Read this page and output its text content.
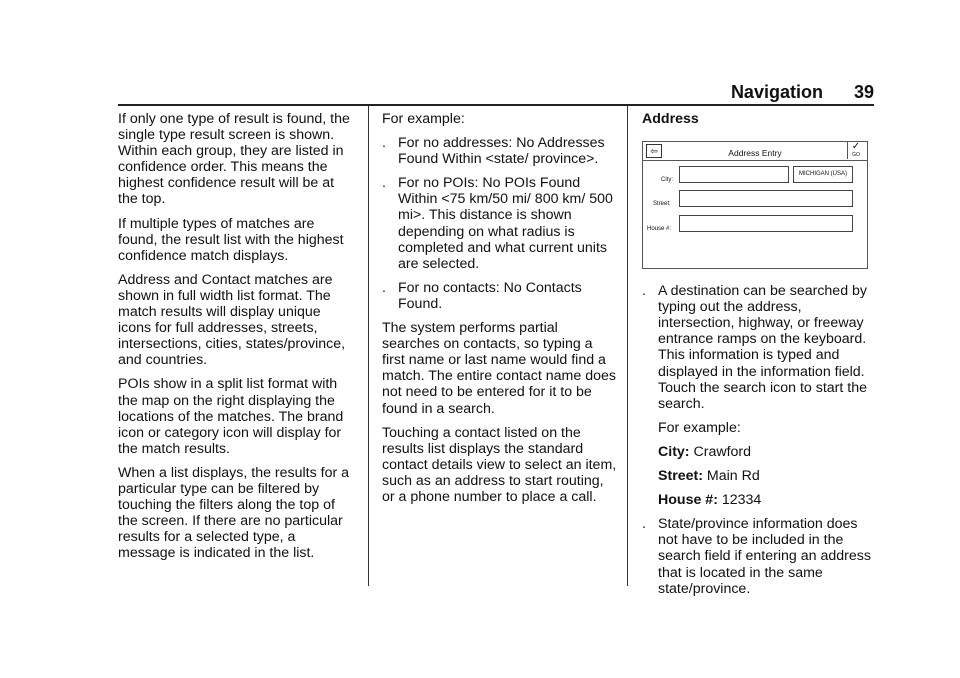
Navigation 39

If only one type of result is found, the single type result screen is shown. Within each group, they are listed in confidence order. This means the highest confidence result will be at the top.

If multiple types of matches are found, the result list with the highest confidence match displays.

Address and Contact matches are shown in full width list format. The match results will display unique icons for full addresses, streets, intersections, cities, states/province, and countries.

POIs show in a split list format with the map on the right displaying the locations of the matches. The brand icon or category icon will display for the match results.

When a list displays, the results for a particular type can be filtered by touching the filters along the top of the screen. If there are no particular results for a selected type, a message is indicated in the list.

For example:

. For no addresses: No Addresses Found Within <state/ province>.
. For no POIs: No POIs Found Within <75 km/50 mi/ 800 km/ 500 mi>. This distance is shown depending on what radius is completed and what current units are selected.
. For no contacts: No Contacts Found.

The system performs partial searches on contacts, so typing a first name or last name would find a match. The entire contact name does not need to be entered for it to be found in a search.

Touching a contact listed on the results list displays the standard contact details view to select an item, such as an address to start routing, or a phone number to place a call.

Address
⇦	Address Entry
✓
GO
City:
MICHIGAN (USA)
Street:
House #:
. A destination can be searched by typing out the address, intersection, highway, or freeway entrance ramps on the keyboard. This information is typed and displayed in the information field. Touch the search icon to start the search.
For example:
City: Crawford
Street: Main Rd
House #: 12334
. State/province information does not have to be included in the search field if entering an address that is located in the same state/province.
